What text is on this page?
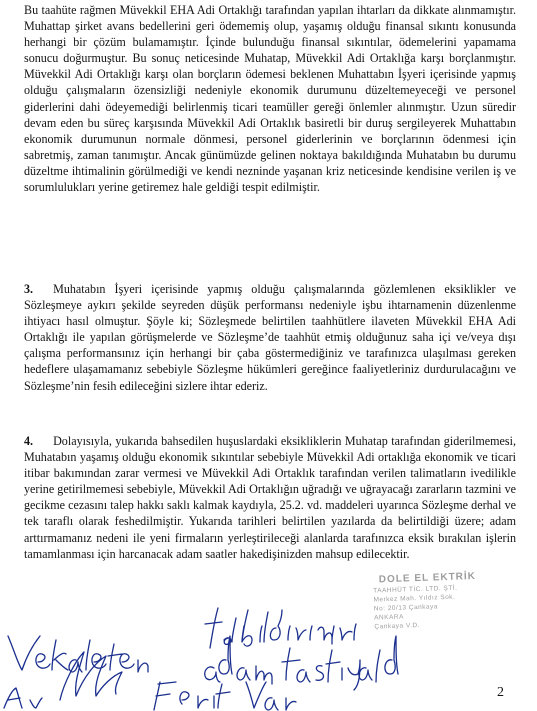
Bu taahüte rağmen Müvekkil EHA Adi Ortaklığı tarafından yapılan ihtarları da dikkate alınmamıştır. Muhattap şirket avans bedellerini geri ödememiş olup, yaşamış olduğu finansal sıkıntı konusunda herhangi bir çözüm bulamamıştır. İçinde bulunduğu finansal sıkıntılar, ödemelerini yapamama sonucu doğurmuştur. Bu sonuç neticesinde Muhatap, Müvekkil Adi Ortaklığa karşı borçlanmıştır. Müvekkil Adi Ortaklığı karşı olan borçların ödemesi beklenen Muhattabın İşyeri içerisinde yapmış olduğu çalışmaların özensizliği nedeniyle ekonomik durumunu düzeltemeyeceği ve personel giderlerini dahi ödeyemediği belirlenmiş ticari teamüller gereği önlemler alınmıştır. Uzun süredir devam eden bu süreç karşısında Müvekkil Adi Ortaklık basiretli bir duruş sergileyerek Muhattabın ekonomik durumunun normale dönmesi, personel giderlerinin ve borçlarının ödenmesi için sabretmiş, zaman tanımıştır. Ancak günümüzde gelinen noktaya bakıldığında Muhatabın bu durumu düzeltme ihtimalinin görülmediği ve kendi nezninde yaşanan kriz neticesinde kendisine verilen iş ve sorumlulukları yerine getiremez hale geldiği tespit edilmiştir.

3. Muhatabın İşyeri içerisinde yapmış olduğu çalışmalarında gözlemlenen eksiklikler ve Sözleşmeye aykırı şekilde seyreden düşük performansı nedeniyle işbu ihtarnamenin düzenlenme ihtiyacı hasıl olmuştur. Şöyle ki; Sözleşmede belirtilen taahhütlere ilaveten Müvekkil EHA Adi Ortaklığı ile yapılan görüşmelerde ve Sözleşme’de taahhüt etmiş olduğunuz saha içi ve/veya dışı çalışma performansınız için herhangi bir çaba göstermediğiniz ve tarafınızca ulaşılması gereken hedeflere ulaşamamanız sebebiyle Sözleşme hükümleri gereğince faaliyetleriniz durdurulacağını ve Sözleşme’nin fesih edileceğini sizlere ihtar ederiz.

4. Dolayısıyla, yukarıda bahsedilen huşuslardaki eksikliklerin Muhatap tarafından giderilmemesi, Muhatabın yaşamış olduğu ekonomik sıkıntılar sebebiyle Müvekkil Adi ortaklığa ekonomik ve ticari itibar bakımından zarar vermesi ve Müvekkil Adi Ortaklık tarafından verilen talimatların ivedilikle yerine getirilmemesi sebebiyle, Müvekkil Adi Ortaklığın uğradığı ve uğrayacağı zararların tazmini ve gecikme cezasını talep hakkı saklı kalmak kaydıyla, 25.2. vd. maddeleri uyarınca Sözleşme derhal ve tek taraflı olarak feshedilmiştir. Yukarıda tarihleri belirtilen yazılarda da belirtildiği üzere; adam arttırmamanız nedeni ile yeni firmaların yerleştirileceği alanlarda tarafınızca eksik bırakılan işlerin tamamlanması için harcanacak adam saatler hakedişinizden mahsup edilecektir.

DOLE EL EKTRİK
TAAHHÜT TİC. LTD. ŞTİ.
Merkez Mah. Yıldız Sok.
No: 20/13 Çankaya
ANKARA
Çankaya V.D.
2
